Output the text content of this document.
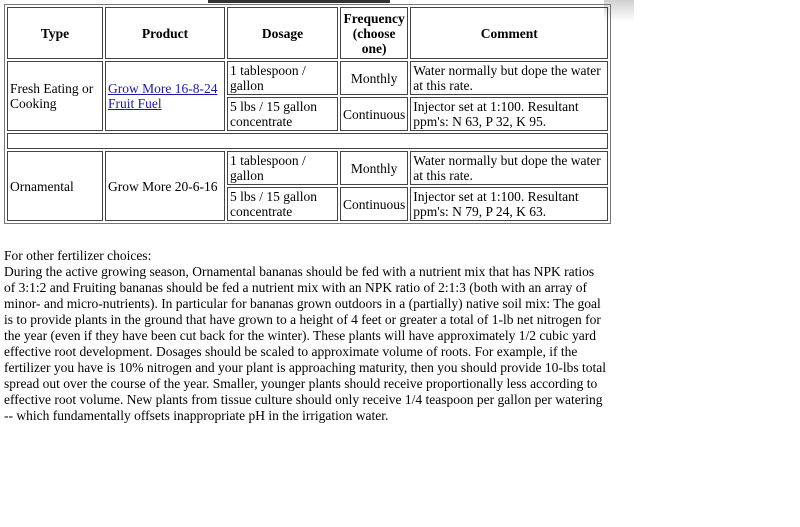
Type	Product	Dosage	Frequency (choose one)	Comment
Fresh Eating or Cooking	Grow More 16-8-24 Fruit Fuel	1 tablespoon / gallon	Monthly	Water normally but dope the water at this rate.
		5 lbs / 15 gallon concentrate	Continuous	Injector set at 1:100. Resultant ppm's: N 63, P 32, K 95.

Ornamental	Grow More 20-6-16	1 tablespoon / gallon	Monthly	Water normally but dope the water at this rate.
		5 lbs / 15 gallon concentrate	Continuous	Injector set at 1:100. Resultant ppm's: N 79, P 24, K 63.

For other fertilizer choices:

During the active growing season, Ornamental bananas should be fed with a nutrient mix that has NPK ratios of 3:1:2 and Fruiting bananas should be fed a nutrient mix with an NPK ratio of 2:1:3 (both with an array of minor- and micro-nutrients). In particular for bananas grown outdoors in a (partially) native soil mix: The goal is to provide plants in the ground that have grown to a height of 4 feet or greater a total of 1-lb net nitrogen for the year (even if they have been cut back for the winter). These plants will have approximately 1/2 cubic yard effective root development. Dosages should be scaled to approximate volume of roots. For example, if the fertilizer you have is 10% nitrogen and your plant is approaching maturity, then you should provide 10-lbs total spread out over the course of the year. Smaller, younger plants should receive proportionally less according to effective root volume. New plants from tissue culture should only receive 1/4 teaspoon per gallon per watering -- which fundamentally offsets inappropriate pH in the irrigation water.
